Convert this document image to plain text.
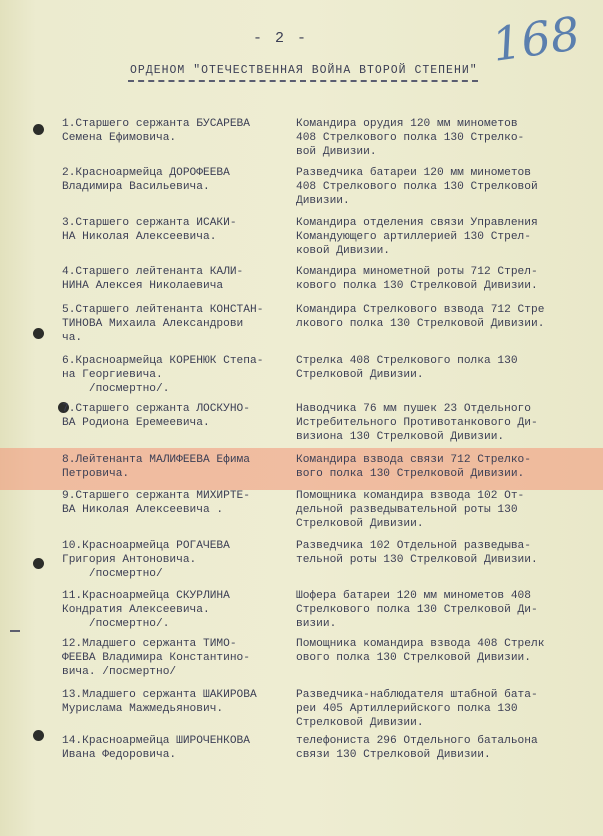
- 2 -	168
ОРДЕНОМ "ОТЕЧЕСТВЕННАЯ ВОЙНА ВТОРОЙ СТЕПЕНИ"
1.Старшего сержанта БУСАРЕВА
Семена Ефимовича.
Командира орудия 120 мм минометов
408 Стрелкового полка 130 Стрелко-
вой Дивизии.
2.Красноармейца ДОРОФЕЕВА
Владимира Васильевича.
Разведчика батареи 120 мм минометов
408 Стрелкового полка 130 Стрелковой
Дивизии.
3.Старшего сержанта ИСАКИ-
НА Николая Алексеевича.
Командира отделения связи Управления
Командующего артиллерией 130 Стрел-
ковой Дивизии.
4.Старшего лейтенанта КАЛИ-
НИНА Алексея Николаевича
Командира минометной роты 712 Стрел-
кового полка 130 Стрелковой Дивизии.
5.Старшего лейтенанта КОНСТАН-
ТИНОВА Михаила Александрови
ча.
Командира Стрелкового взвода 712 Стре
лкового полка 130 Стрелковой Дивизии.
6.Красноармейца КОРЕНЮК Степа-
на Георгиевича.
/посмертно/.
Стрелка 408 Стрелкового полка 130
Стрелковой Дивизии.
7.Старшего сержанта ЛОСКУНО-
ВА Родиона Еремеевича.
Наводчика 76 мм пушек 23 Отдельного
Истребительного Противотанкового Ди-
визиона 130 Стрелковой Дивизии.
8.Лейтенанта МАЛИФЕЕВА Ефима
Петровича.
Командира взвода связи 712 Стрелко-
вого полка 130 Стрелковой Дивизии.
9.Старшего сержанта МИХИРТЕ-
ВА Николая Алексеевича .
Помощника командира взвода 102 От-
дельной разведывательной роты 130
Стрелковой Дивизии.
10.Красноармейца РОГАЧЕВА
Григория Антоновича.
/посмертно/
Разведчика 102 Отдельной разведыва-
тельной роты 130 Стрелковой Дивизии.
11.Красноармейца СКУРЛИНА
Кондратия Алексеевича.
/посмертно/.
Шофера батареи 120 мм минометов 408
Стрелкового полка 130 Стрелковой Ди-
визии.
12.Младшего сержанта ТИМО-
ФЕЕВА Владимира Константино-
вича. /посмертно/
Помощника командира взвода 408 Стрелк
ового полка 130 Стрелковой Дивизии.
13.Младшего сержанта ШАКИРОВА
Мурислама Мажмедьянович.
Разведчика-наблюдателя штабной бата-
реи 405 Артиллерийского полка 130
Стрелковой Дивизии.
14.Красноармейца ШИРОЧЕНКОВА
Ивана Федоровича.
телефониста 296 Отдельного батальона
связи 130 Стрелковой Дивизии.
